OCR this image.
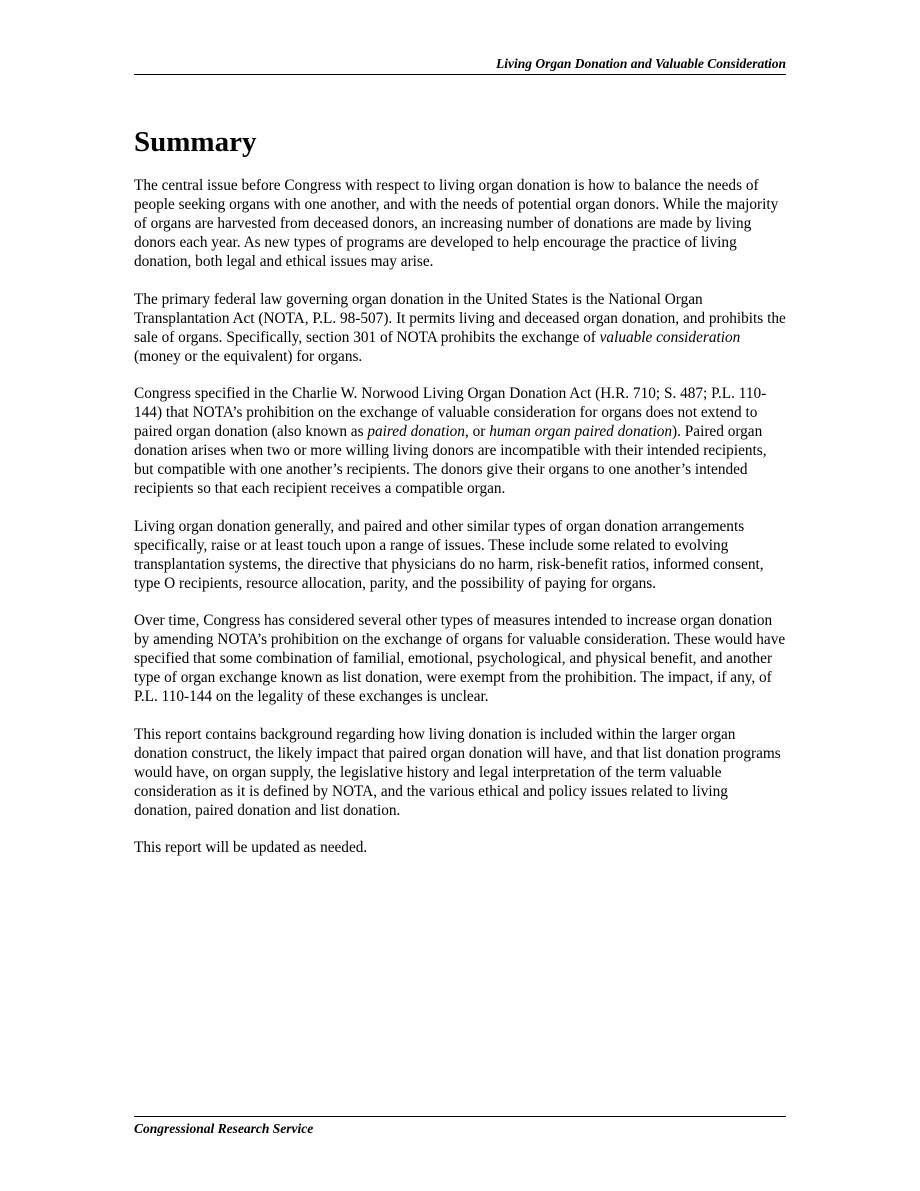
Living Organ Donation and Valuable Consideration
Summary

The central issue before Congress with respect to living organ donation is how to balance the needs of people seeking organs with one another, and with the needs of potential organ donors. While the majority of organs are harvested from deceased donors, an increasing number of donations are made by living donors each year. As new types of programs are developed to help encourage the practice of living donation, both legal and ethical issues may arise.

The primary federal law governing organ donation in the United States is the National Organ Transplantation Act (NOTA, P.L. 98-507). It permits living and deceased organ donation, and prohibits the sale of organs. Specifically, section 301 of NOTA prohibits the exchange of valuable consideration (money or the equivalent) for organs.

Congress specified in the Charlie W. Norwood Living Organ Donation Act (H.R. 710; S. 487; P.L. 110-144) that NOTA’s prohibition on the exchange of valuable consideration for organs does not extend to paired organ donation (also known as paired donation, or human organ paired donation). Paired organ donation arises when two or more willing living donors are incompatible with their intended recipients, but compatible with one another’s recipients. The donors give their organs to one another’s intended recipients so that each recipient receives a compatible organ.

Living organ donation generally, and paired and other similar types of organ donation arrangements specifically, raise or at least touch upon a range of issues. These include some related to evolving transplantation systems, the directive that physicians do no harm, risk-benefit ratios, informed consent, type O recipients, resource allocation, parity, and the possibility of paying for organs.

Over time, Congress has considered several other types of measures intended to increase organ donation by amending NOTA’s prohibition on the exchange of organs for valuable consideration. These would have specified that some combination of familial, emotional, psychological, and physical benefit, and another type of organ exchange known as list donation, were exempt from the prohibition. The impact, if any, of P.L. 110-144 on the legality of these exchanges is unclear.

This report contains background regarding how living donation is included within the larger organ donation construct, the likely impact that paired organ donation will have, and that list donation programs would have, on organ supply, the legislative history and legal interpretation of the term valuable consideration as it is defined by NOTA, and the various ethical and policy issues related to living donation, paired donation and list donation.

This report will be updated as needed.

Congressional Research Service
